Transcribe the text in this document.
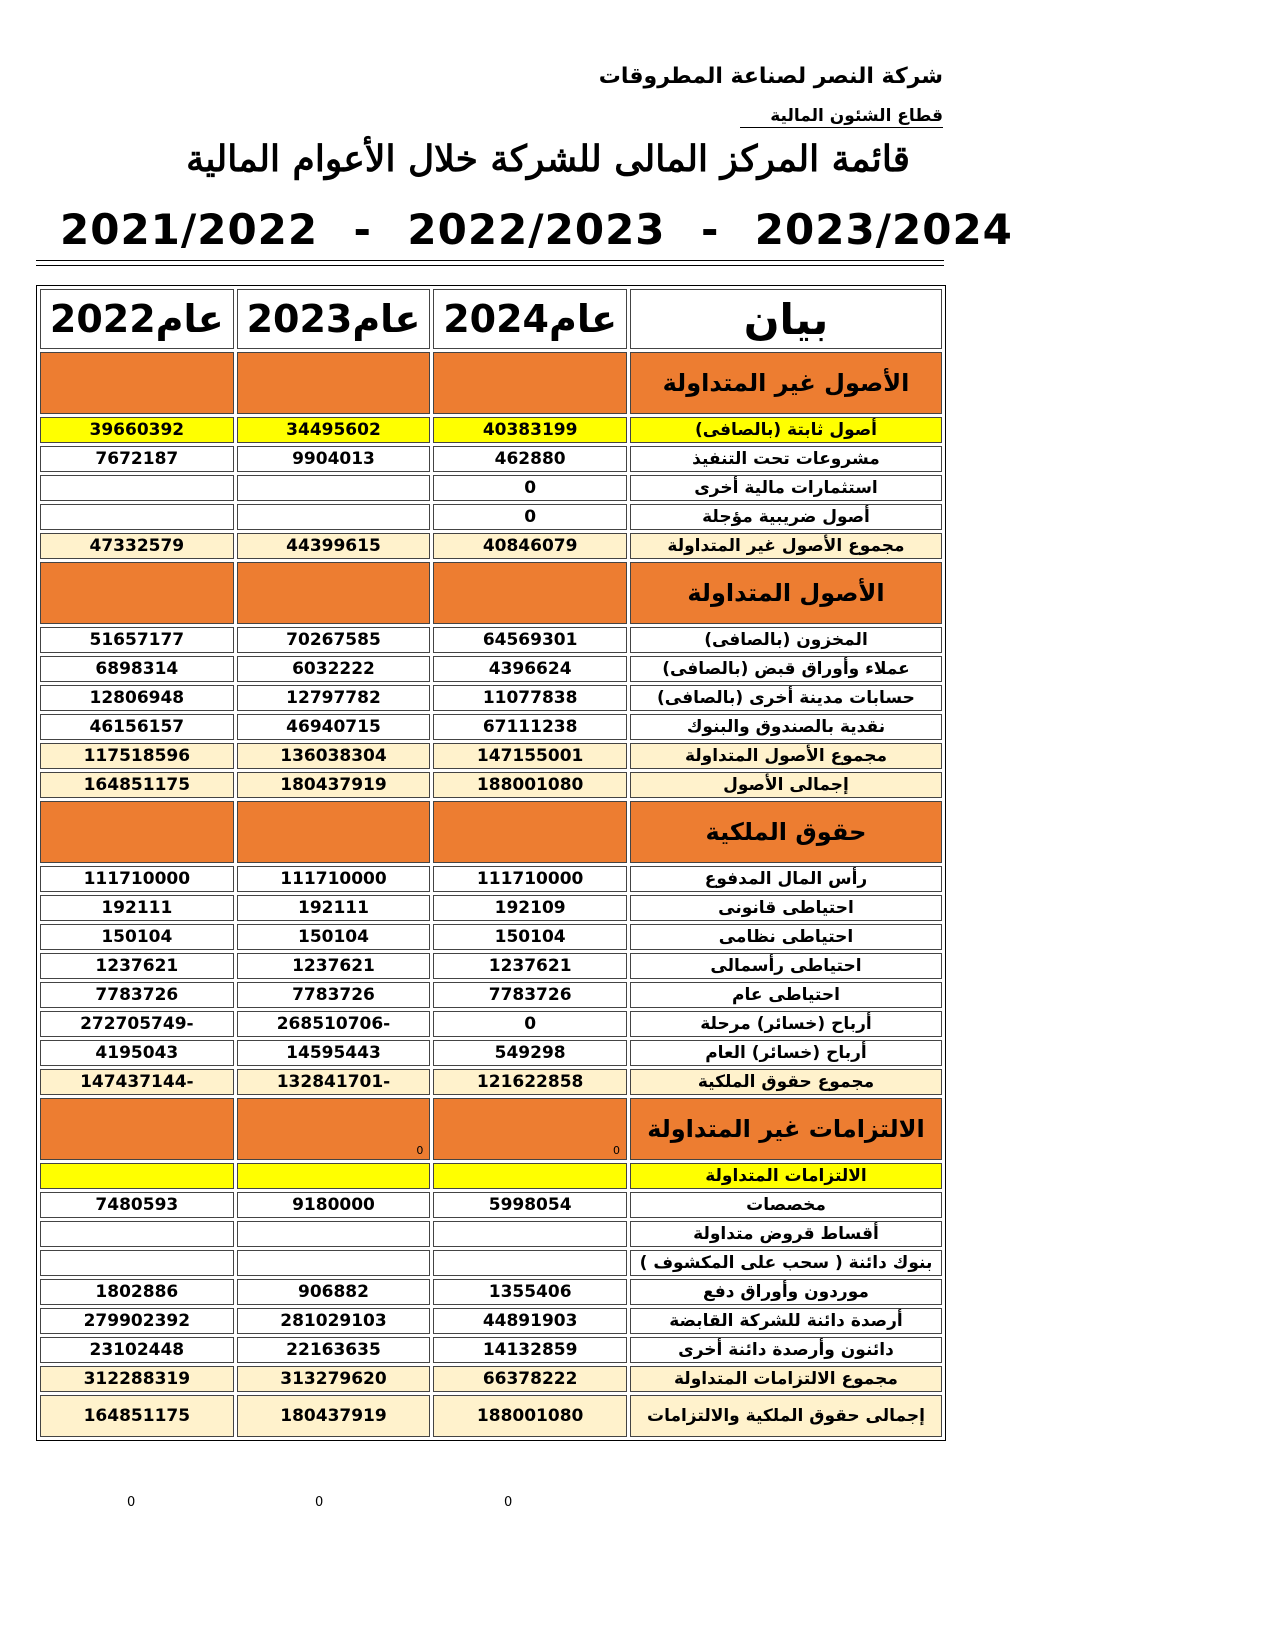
شركة النصر لصناعة المطروقات
قطاع الشئون المالية
قائمة المركز المالى للشركة خلال الأعوام المالية
2021/2022 - 2022/2023 - 2023/2024
عام2022	عام2023	عام2024	بيان
			الأصول غير المتداولة
39660392	34495602	40383199	أصول ثابتة (بالصافى)
7672187	9904013	462880	مشروعات تحت التنفيذ
		0	استثمارات مالية أخرى
		0	أصول ضريبية مؤجلة
47332579	44399615	40846079	مجموع الأصول غير المتداولة
			الأصول المتداولة
51657177	70267585	64569301	المخزون (بالصافى)
6898314	6032222	4396624	عملاء وأوراق قبض (بالصافى)
12806948	12797782	11077838	حسابات مدينة أخرى (بالصافى)
46156157	46940715	67111238	نقدية بالصندوق والبنوك
117518596	136038304	147155001	مجموع الأصول المتداولة
164851175	180437919	188001080	إجمالى الأصول
			حقوق الملكية
111710000	111710000	111710000	رأس المال المدفوع
192111	192111	192109	احتياطى قانونى
150104	150104	150104	احتياطى نظامى
1237621	1237621	1237621	احتياطى رأسمالى
7783726	7783726	7783726	احتياطى عام
272705749-	268510706-	0	أرباح (خسائر) مرحلة
4195043	14595443	549298	أرباح (خسائر) العام
147437144-	132841701-	121622858	مجموع حقوق الملكية

	0	0	الالتزامات غير المتداولة
			الالتزامات المتداولة
7480593	9180000	5998054	مخصصات
			أقساط قروض متداولة
			بنوك دائنة ( سحب على المكشوف )
1802886	906882	1355406	موردون وأوراق دفع
279902392	281029103	44891903	أرصدة دائنة للشركة القابضة
23102448	22163635	14132859	دائنون وأرصدة دائنة أخرى
312288319	313279620	66378222	مجموع الالتزامات المتداولة
164851175	180437919	188001080	إجمالى حقوق الملكية والالتزامات
0	0	0
